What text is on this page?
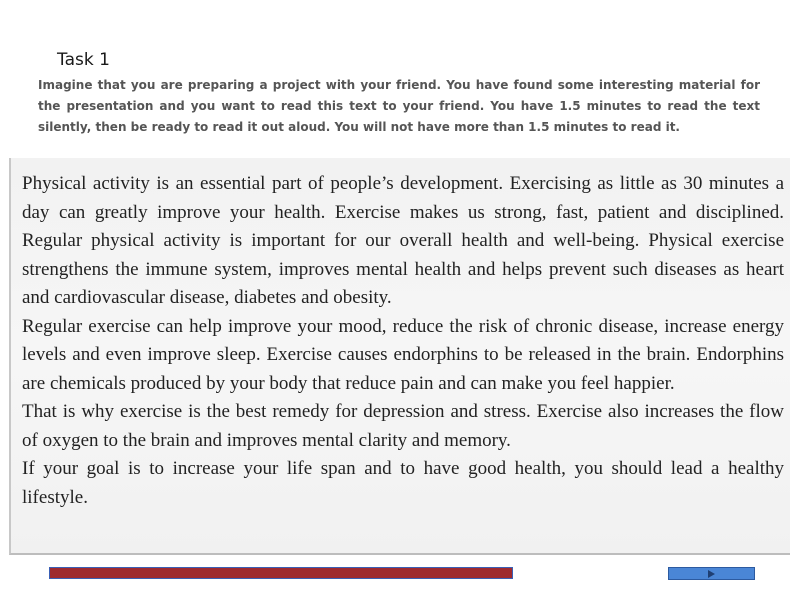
Task 1

Imagine that you are preparing a project with your friend. You have found some interesting material for the presentation and you want to read this text to your friend. You have 1.5 minutes to read the text silently, then be ready to read it out aloud. You will not have more than 1.5 minutes to read it.

Physical activity is an essential part of people’s development. Exercising as little as 30 minutes a day can greatly improve your health. Exercise makes us strong, fast, patient and disciplined. Regular physical activity is important for our overall health and well-being. Physical exercise strengthens the immune system, improves mental health and helps prevent such diseases as heart and cardiovascular disease, diabetes and obesity.

Regular exercise can help improve your mood, reduce the risk of chronic disease, increase energy levels and even improve sleep. Exercise causes endorphins to be released in the brain. Endorphins are chemicals produced by your body that reduce pain and can make you feel happier.

That is why exercise is the best remedy for depression and stress. Exercise also increases the flow of oxygen to the brain and improves mental clarity and memory.

If your goal is to increase your life span and to have good health, you should lead a healthy lifestyle.
